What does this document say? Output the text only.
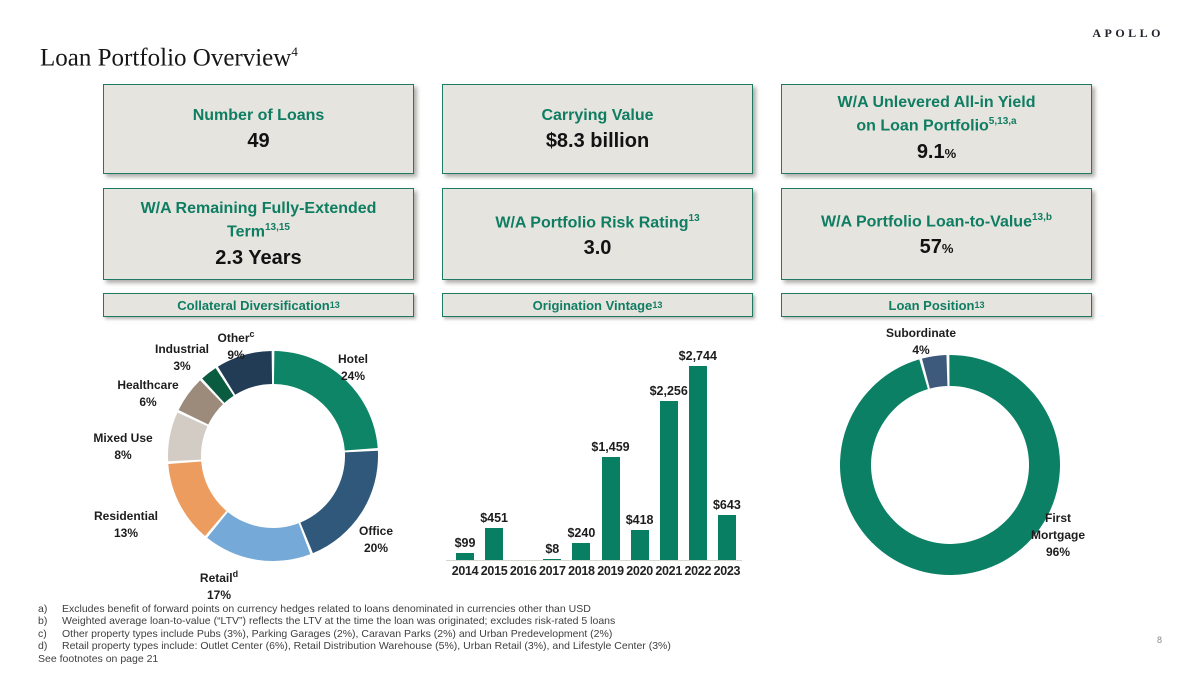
APOLLO
Loan Portfolio Overview$^4$
Number of Loans
49
Carrying Value
$8.3 billion
W/A Unlevered All-in Yield
on Loan Portfolio$^{5,13,a}$
9.1%
W/A Remaining Fully-Extended
Term$^{13,15}$
2.3 Years
W/A Portfolio Risk Rating$^{13}$
3.0
W/A Portfolio Loan-to-Value$^{13,b}$
57%
Collateral Diversification 13	Origination Vintage 13	Loan Position 13
Hotel
24%
Office
20%
Retail$^d$
17%
Residential
13%
Mixed Use
8%
Healthcare
6%
Industrial
3%
Other$^c$
9%
$99
2014
$451
2015 2016
$8
2017
$240
2018
$1,459
2019
$418
2020
$2,256
2021
$2,744
2022
$643
2023
Subordinate
4%
First
Mortgage
96%
a)	Excludes benefit of forward points on currency hedges related to loans denominated in currencies other than USD
b)	Weighted average loan-to-value (“LTV”) reflects the LTV at the time the loan was originated; excludes risk-rated 5 loans
c)	Other property types include Pubs (3%), Parking Garages (2%), Caravan Parks (2%) and Urban Predevelopment (2%)
d)	Retail property types include: Outlet Center (6%), Retail Distribution Warehouse (5%), Urban Retail (3%), and Lifestyle Center (3%)
See footnotes on page 21
8
